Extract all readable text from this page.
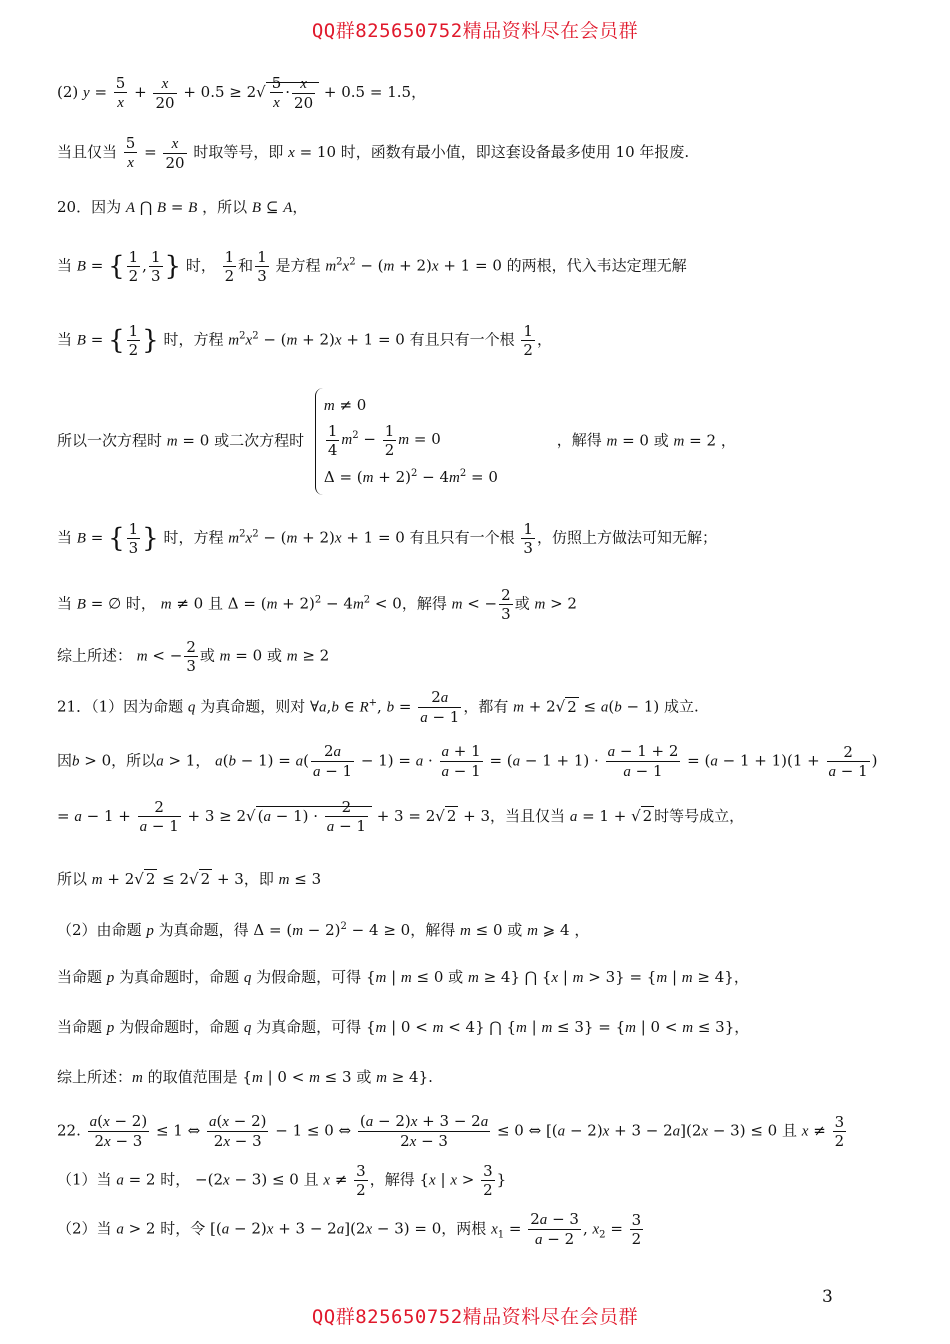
QQ群825650752精品资料尽在会员群
(2) $y = \frac{5}{x} + \frac{x}{20} + 0.5 \ge 2√ \frac{5}{x} \cdot \frac{x}{20} + 0.5 = 1.5$，
当且仅当 $\frac{5}{x} = \frac{x}{20}$ 时取等号，即 x = 10 时，函数有最小值，即这套设备最多使用 10 年报废.
20．因为 A ⋂ B = B ，所以 B ⊆ A，
当 B = { $\frac{1}{2}$ , $\frac{1}{3}$ } 时， $\frac{1}{2}$ 和 $\frac{1}{3}$ 是方程 $m^2x^2 - (m + 2)x + 1 = 0$ 的两根，代入韦达定理无解
当 B = { $\frac{1}{2}$ } 时，方程 $m^2x^2 - (m + 2)x + 1 = 0$ 有且只有一个根 $\frac{1}{2}$ ，
所以一次方程时 m = 0 或二次方程时
m ≠ 0
$\frac{1}{4} m^2 - \frac{1}{2}$ m = 0
$\Delta = (m + 2)^2 - 4m^2 = 0$
，解得 m = 0 或 m = 2 ，
当 B = { $\frac{1}{3}$ } 时，方程 $m^2x^2 - (m + 2)x + 1 = 0$ 有且只有一个根 $\frac{1}{3}$ ，仿照上方做法可知无解；
当 B = ∅ 时， m ≠ 0 且 $\Delta = (m + 2)^2 - 4m^2 < 0$，解得 m < − $\frac{2}{3}$ 或 m > 2
综上所述： m < − $\frac{2}{3}$ 或 m = 0 或 m ≥ 2
21．（1）因为命题 q 为真命题，则对 ∀a,b ∈ R+, $b = \frac{2a}{a - 1}$ ，都有 m + 2√ 2 ≤ a(b − 1) 成立.
因b > 0，所以a > 1， $a(b - 1) = a( \frac{2a}{a - 1} - 1) = a \cdot \frac{a + 1}{a - 1} = (a - 1 + 1) \cdot \frac{a - 1 + 2}{a - 1} = (a - 1 + 1)(1 + \frac{2}{a - 1}$ )
= $a - 1 + \frac{2}{a - 1} + 3 \ge 2√$ $(a - 1) \cdot \frac{2}{a - 1} + 3 = 2√$ 2 + 3，当且仅当 a = 1 + √ 2 时等号成立，
所以 m + 2√ 2 ≤ 2√ 2 + 3，即 m ≤ 3
（2）由命题 p 为真命题，得 $\Delta = (m - 2)^2 - 4 \ge 0$，解得 m ≤ 0 或 m ⩾ 4 ，
当命题 p 为真命题时，命题 q 为假命题，可得 {m | m ≤ 0 或 m ≥ 4} ⋂ {x | m > 3} = {m | m ≥ 4}，
当命题 p 为假命题时，命题 q 为真命题，可得 {m | 0 < m < 4} ⋂ {m | m ≤ 3} = {m | 0 < m ≤ 3}，
综上所述：m 的取值范围是 {m | 0 < m ≤ 3 或 m ≥ 4}.
22. $\frac{a(x - 2)}{2x - 3} \le 1$ ⇔ $\frac{a(x - 2)}{2x - 3} - 1 \le 0$ ⇔ $\frac{(a - 2)x + 3 - 2a}{2x - 3} \le 0$ ⇔ [(a − 2)x + 3 − 2a](2x − 3) ≤ 0 且 $x \ne \frac{3}{2}$
（1）当 a = 2 时， −(2x − 3) ≤ 0 且 $x \ne \frac{3}{2}$ ，解得 {x | $x > \frac{3}{2}$ }
（2）当 a > 2 时，令 [(a − 2)x + 3 − 2a](2x − 3) = 0，两根 $x_1 = \frac{2a - 3}{a - 2}$ , $x_2 = \frac{3}{2}$
3
QQ群825650752精品资料尽在会员群
